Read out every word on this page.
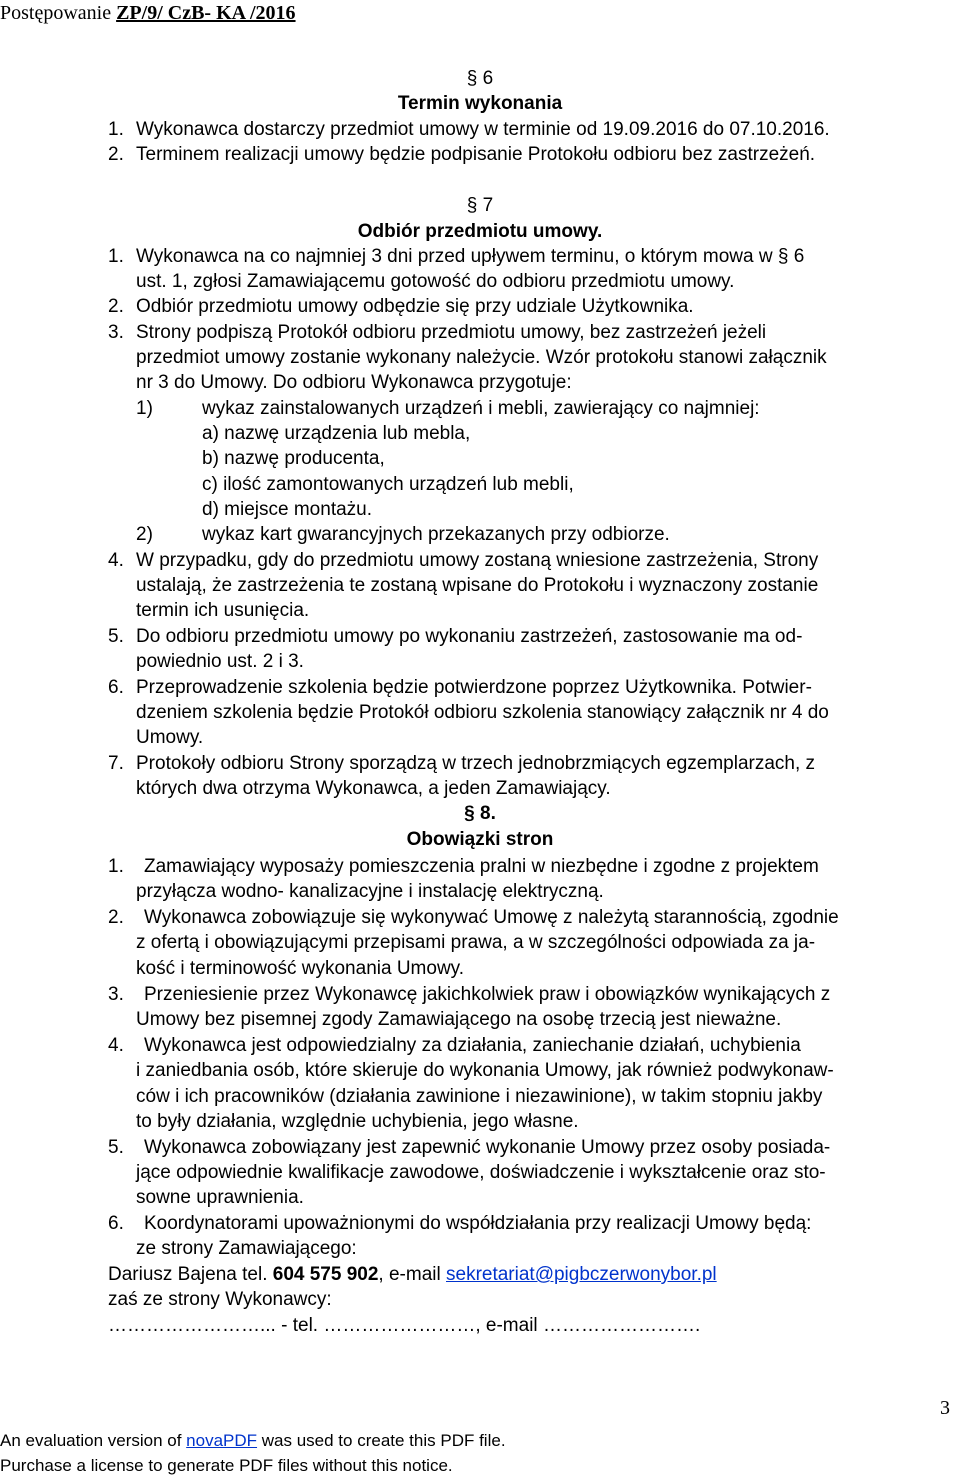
Postępowanie ZP/9/ CzB- KA /2016
§ 6
Termin wykonania
1. Wykonawca dostarczy przedmiot umowy w terminie od 19.09.2016 do 07.10.2016.
2. Terminem realizacji umowy będzie podpisanie Protokołu odbioru bez zastrzeżeń.
§ 7
Odbiór przedmiotu umowy.
1. Wykonawca na co najmniej 3 dni przed upływem terminu, o którym mowa w § 6
ust. 1, zgłosi Zamawiającemu gotowość do odbioru przedmiotu umowy.
2. Odbiór przedmiotu umowy odbędzie się przy udziale Użytkownika.
3. Strony podpiszą Protokół odbioru przedmiotu umowy, bez zastrzeżeń jeżeli
przedmiot umowy zostanie wykonany należycie. Wzór protokołu stanowi załącznik
nr 3 do Umowy. Do odbioru Wykonawca przygotuje:
1)	wykaz zainstalowanych urządzeń i mebli, zawierający co najmniej:
a) nazwę urządzenia lub mebla,
b) nazwę producenta,
c) ilość zamontowanych urządzeń lub mebli,
d) miejsce montażu.
2)	wykaz kart gwarancyjnych przekazanych przy odbiorze.
4. W przypadku, gdy do przedmiotu umowy zostaną wniesione zastrzeżenia, Strony
ustalają, że zastrzeżenia te zostaną wpisane do Protokołu i wyznaczony zostanie
termin ich usunięcia.
5. Do odbioru przedmiotu umowy po wykonaniu zastrzeżeń, zastosowanie ma od-
powiednio ust. 2 i 3.
6. Przeprowadzenie szkolenia będzie potwierdzone poprzez Użytkownika. Potwier-
dzeniem szkolenia będzie Protokół odbioru szkolenia stanowiący załącznik nr 4 do
Umowy.
7. Protokoły odbioru Strony sporządzą w trzech jednobrzmiących egzemplarzach, z
których dwa otrzyma Wykonawca, a jeden Zamawiający.
§ 8.
Obowiązki stron
1. Zamawiający wyposaży pomieszczenia pralni w niezbędne i zgodne z projektem
przyłącza wodno- kanalizacyjne i instalację elektryczną.
2. Wykonawca zobowiązuje się wykonywać Umowę z należytą starannością, zgodnie
z ofertą i obowiązującymi przepisami prawa, a w szczególności odpowiada za ja-
kość i terminowość wykonania Umowy.
3. Przeniesienie przez Wykonawcę jakichkolwiek praw i obowiązków wynikających z
Umowy bez pisemnej zgody Zamawiającego na osobę trzecią jest nieważne.
4. Wykonawca jest odpowiedzialny za działania, zaniechanie działań, uchybienia
i zaniedbania osób, które skieruje do wykonania Umowy, jak również podwykonaw-
ców i ich pracowników (działania zawinione i niezawinione), w takim stopniu jakby
to były działania, względnie uchybienia, jego własne.
5. Wykonawca zobowiązany jest zapewnić wykonanie Umowy przez osoby posiada-
jące odpowiednie kwalifikacje zawodowe, doświadczenie i wykształcenie oraz sto-
sowne uprawnienia.
6. Koordynatorami upoważnionymi do współdziałania przy realizacji Umowy będą:
ze strony Zamawiającego:
Dariusz Bajena tel. 604 575 902, e-mail sekretariat@pigbczerwonybor.pl
zaś ze strony Wykonawcy:
……………………... - tel. ……………………, e-mail …………………….
3
An evaluation version of novaPDF was used to create this PDF file.
Purchase a license to generate PDF files without this notice.
